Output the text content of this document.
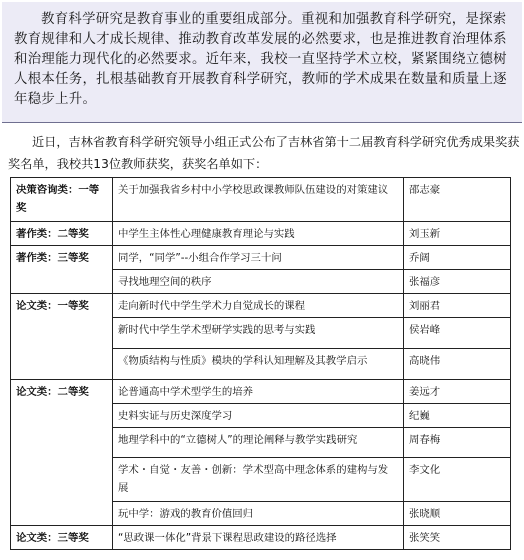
教育科学研究是教育事业的重要组成部分。重视和加强教育科学研究，是探索教育规律和人才成长规律、推动教育改革发展的必然要求，也是推进教育治理体系和治理能力现代化的必然要求。近年来，我校一直坚持学术立校，紧紧围绕立德树人根本任务，扎根基础教育开展教育科学研究，教师的学术成果在数量和质量上逐年稳步上升。

近日，吉林省教育科学研究领导小组正式公布了吉林省第十二届教育科学研究优秀成果奖获奖名单，我校共13位教师获奖，获奖名单如下：
决策咨询类：一等奖	关于加强我省乡村中小学校思政课教师队伍建设的对策建议	邵志豪
著作类：二等奖	中学生主体性心理健康教育理论与实践	刘玉新
著作类：三等奖	同学，“同学”--小组合作学习三十问	乔阔
	寻找地理空间的秩序	张福彦
论文类：一等奖	走向新时代中学生学术力自觉成长的课程	刘丽君
	新时代中学生学术型研学实践的思考与实践	侯岩峰
	《物质结构与性质》模块的学科认知理解及其教学启示	高晓伟
论文类：二等奖	论普通高中学术型学生的培养	姜远才
	史料实证与历史深度学习	纪巍
	地理学科中的“立德树人”的理论阐释与教学实践研究	周春梅
	学术・自觉・友善・创新：学术型高中理念体系的建构与发展	李文化
	玩中学：游戏的教育价值回归	张晓顺
论文类：三等奖	“思政课一体化”背景下课程思政建设的路径选择	张笑笑
